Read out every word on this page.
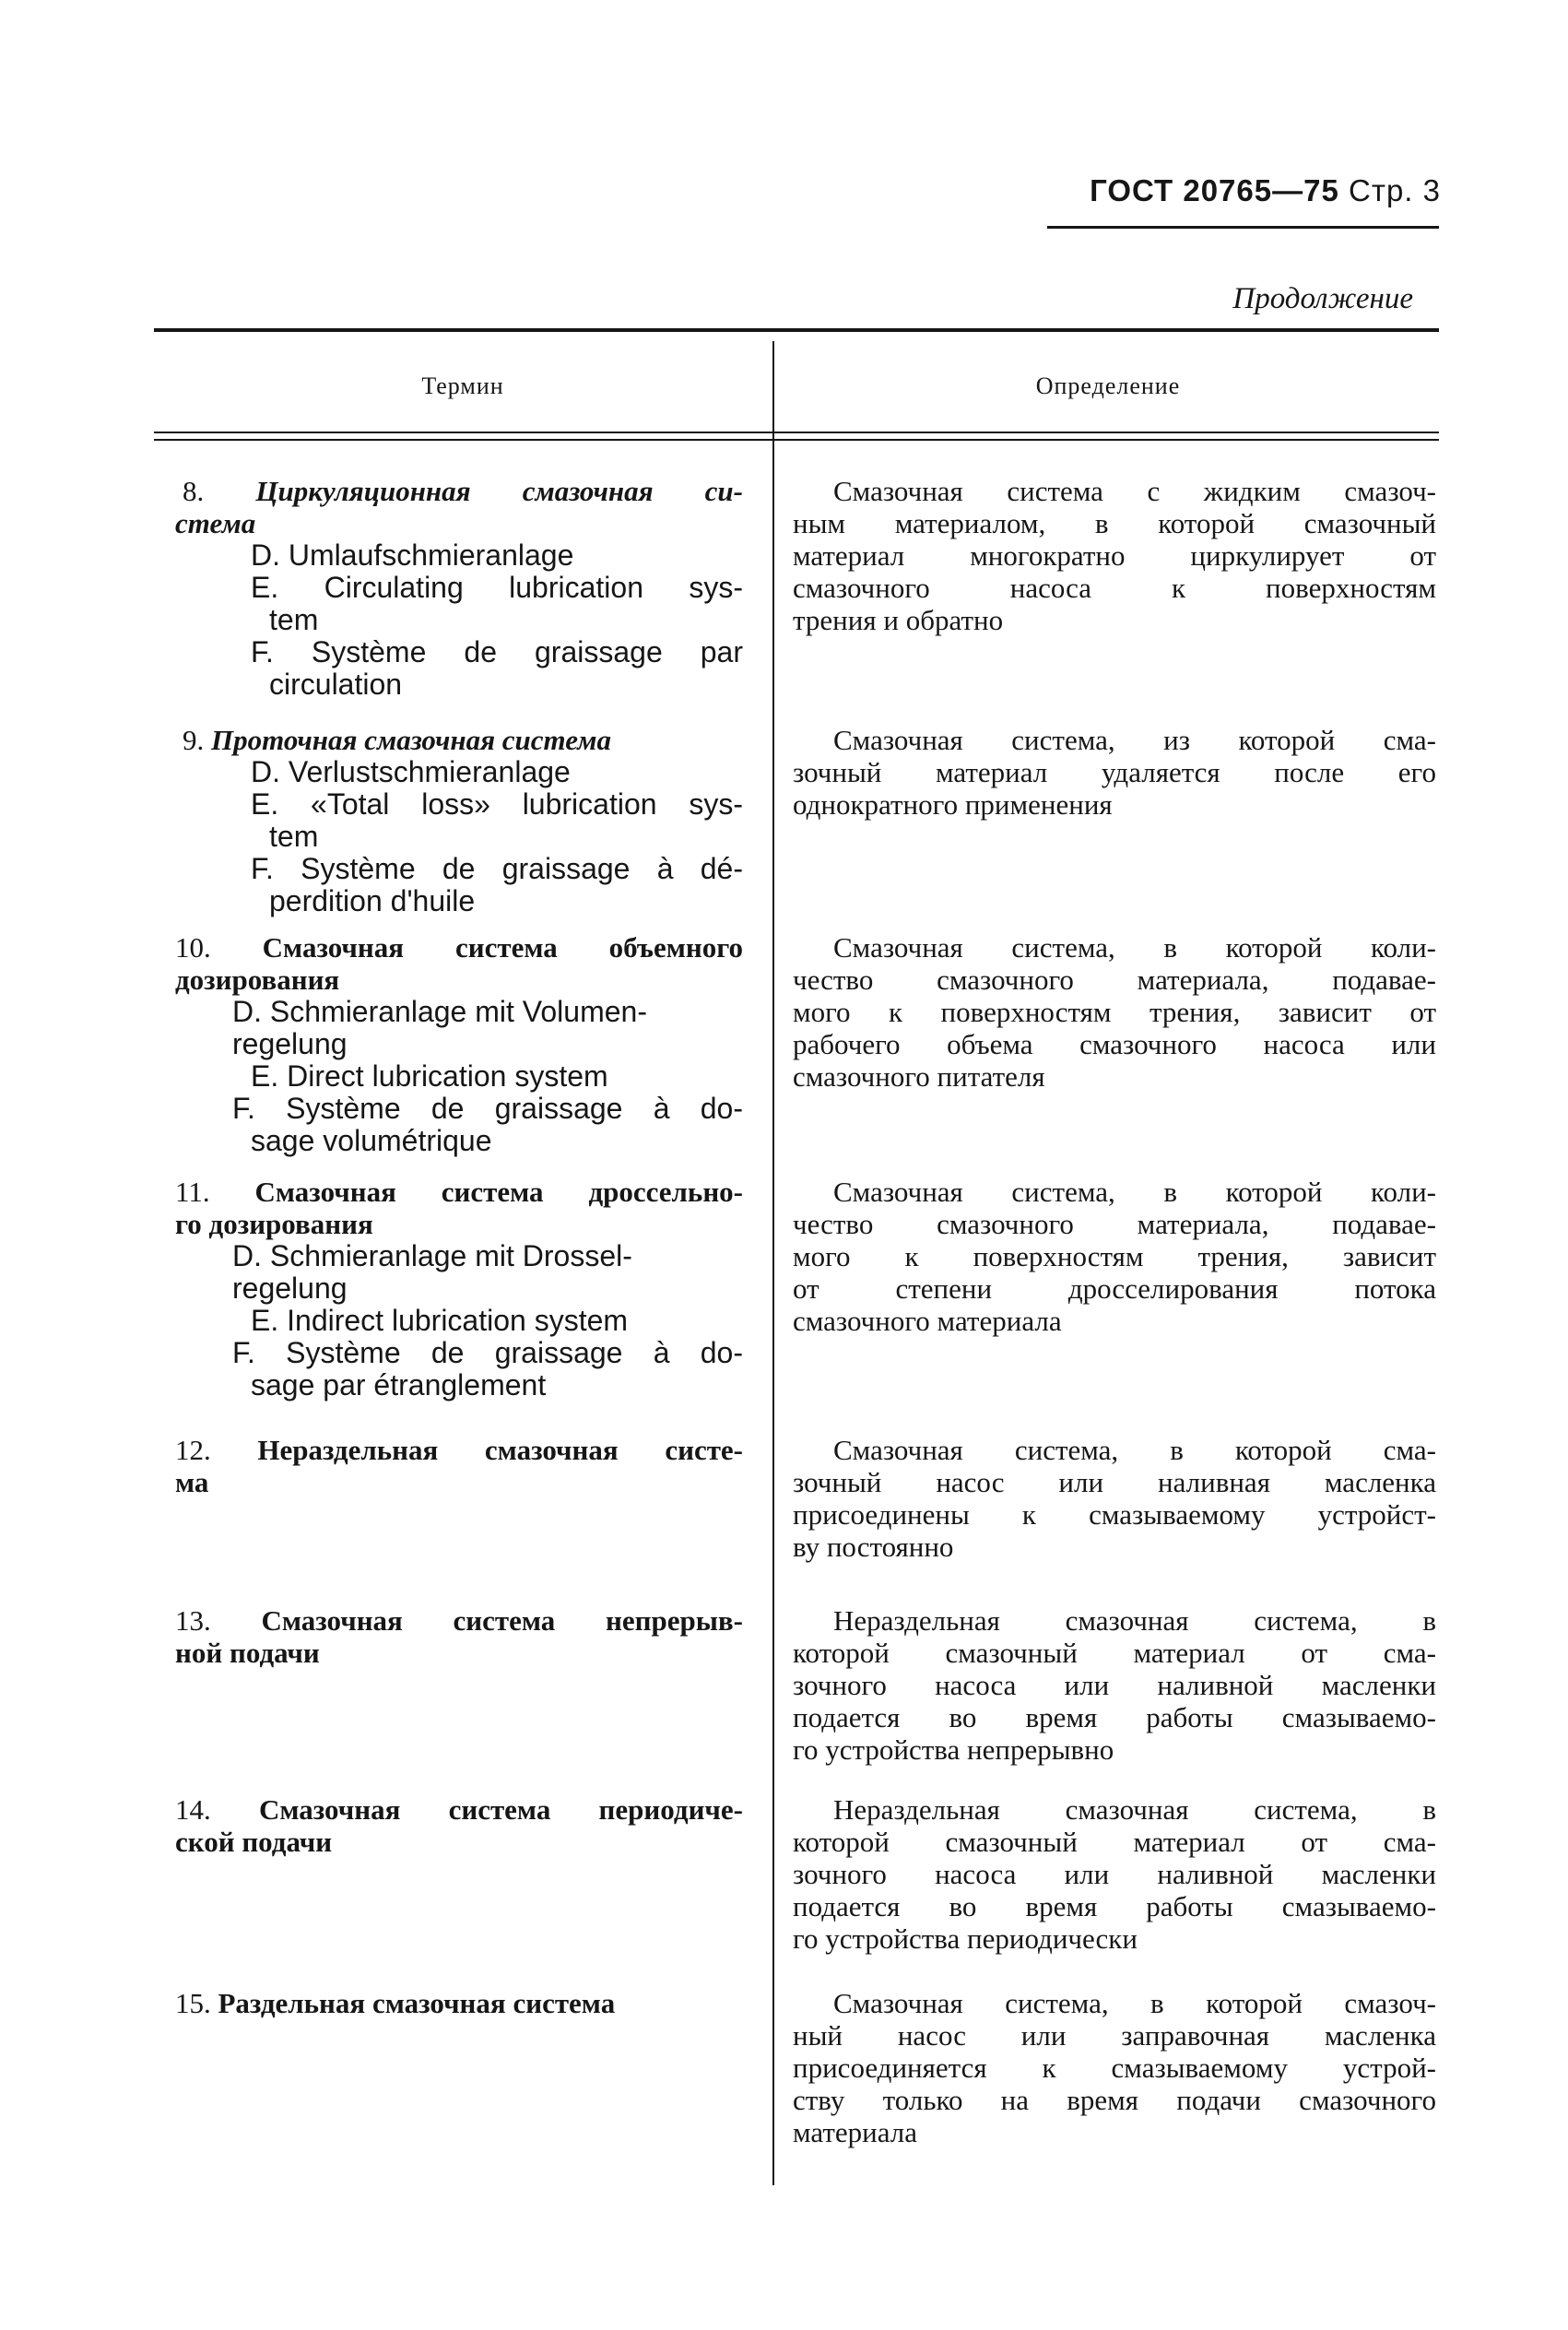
ГОСТ 20765—75 Стр. 3
Продолжение
Термин	Определение
8. Циркуляционная смазочная си-
стема
D. Umlaufschmieranlage
E. Circulating lubrication sys-
tem
F. Système de graissage par
circulation
Смазочная система с жидким смазоч-
ным материалом, в которой смазочный
материал многократно циркулирует от
смазочного насоса к поверхностям
трения и обратно
9. Проточная смазочная система
D. Verlustschmieranlage
E. «Total loss» lubrication sys-
tem
F. Système de graissage à dé-
perdition d'huile
Смазочная система, из которой сма-
зочный материал удаляется после его
однократного применения
10. Смазочная система объемного
дозирования
D. Schmieranlage mit Volumen-
regelung
E. Direct lubrication system
F. Système de graissage à do-
sage volumétrique
Смазочная система, в которой коли-
чество смазочного материала, подавае-
мого к поверхностям трения, зависит от
рабочего объема смазочного насоса или
смазочного питателя
11. Смазочная система дроссельно-
го дозирования
D. Schmieranlage mit Drossel-
regelung
E. Indirect lubrication system
F. Système de graissage à do-
sage par étranglement
Смазочная система, в которой коли-
чество смазочного материала, подавае-
мого к поверхностям трения, зависит
от степени дросселирования потока
смазочного материала
12. Нераздельная смазочная систе-
ма
Смазочная система, в которой сма-
зочный насос или наливная масленка
присоединены к смазываемому устройст-
ву постоянно
13. Смазочная система непрерыв-
ной подачи
Нераздельная смазочная система, в
которой смазочный материал от сма-
зочного насоса или наливной масленки
подается во время работы смазываемо-
го устройства непрерывно
14. Смазочная система периодиче-
ской подачи
Нераздельная смазочная система, в
которой смазочный материал от сма-
зочного насоса или наливной масленки
подается во время работы смазываемо-
го устройства периодически
15. Раздельная смазочная система	Смазочная система, в которой смазоч-
ный насос или заправочная масленка
присоединяется к смазываемому устрой-
ству только на время подачи смазочного
материала
